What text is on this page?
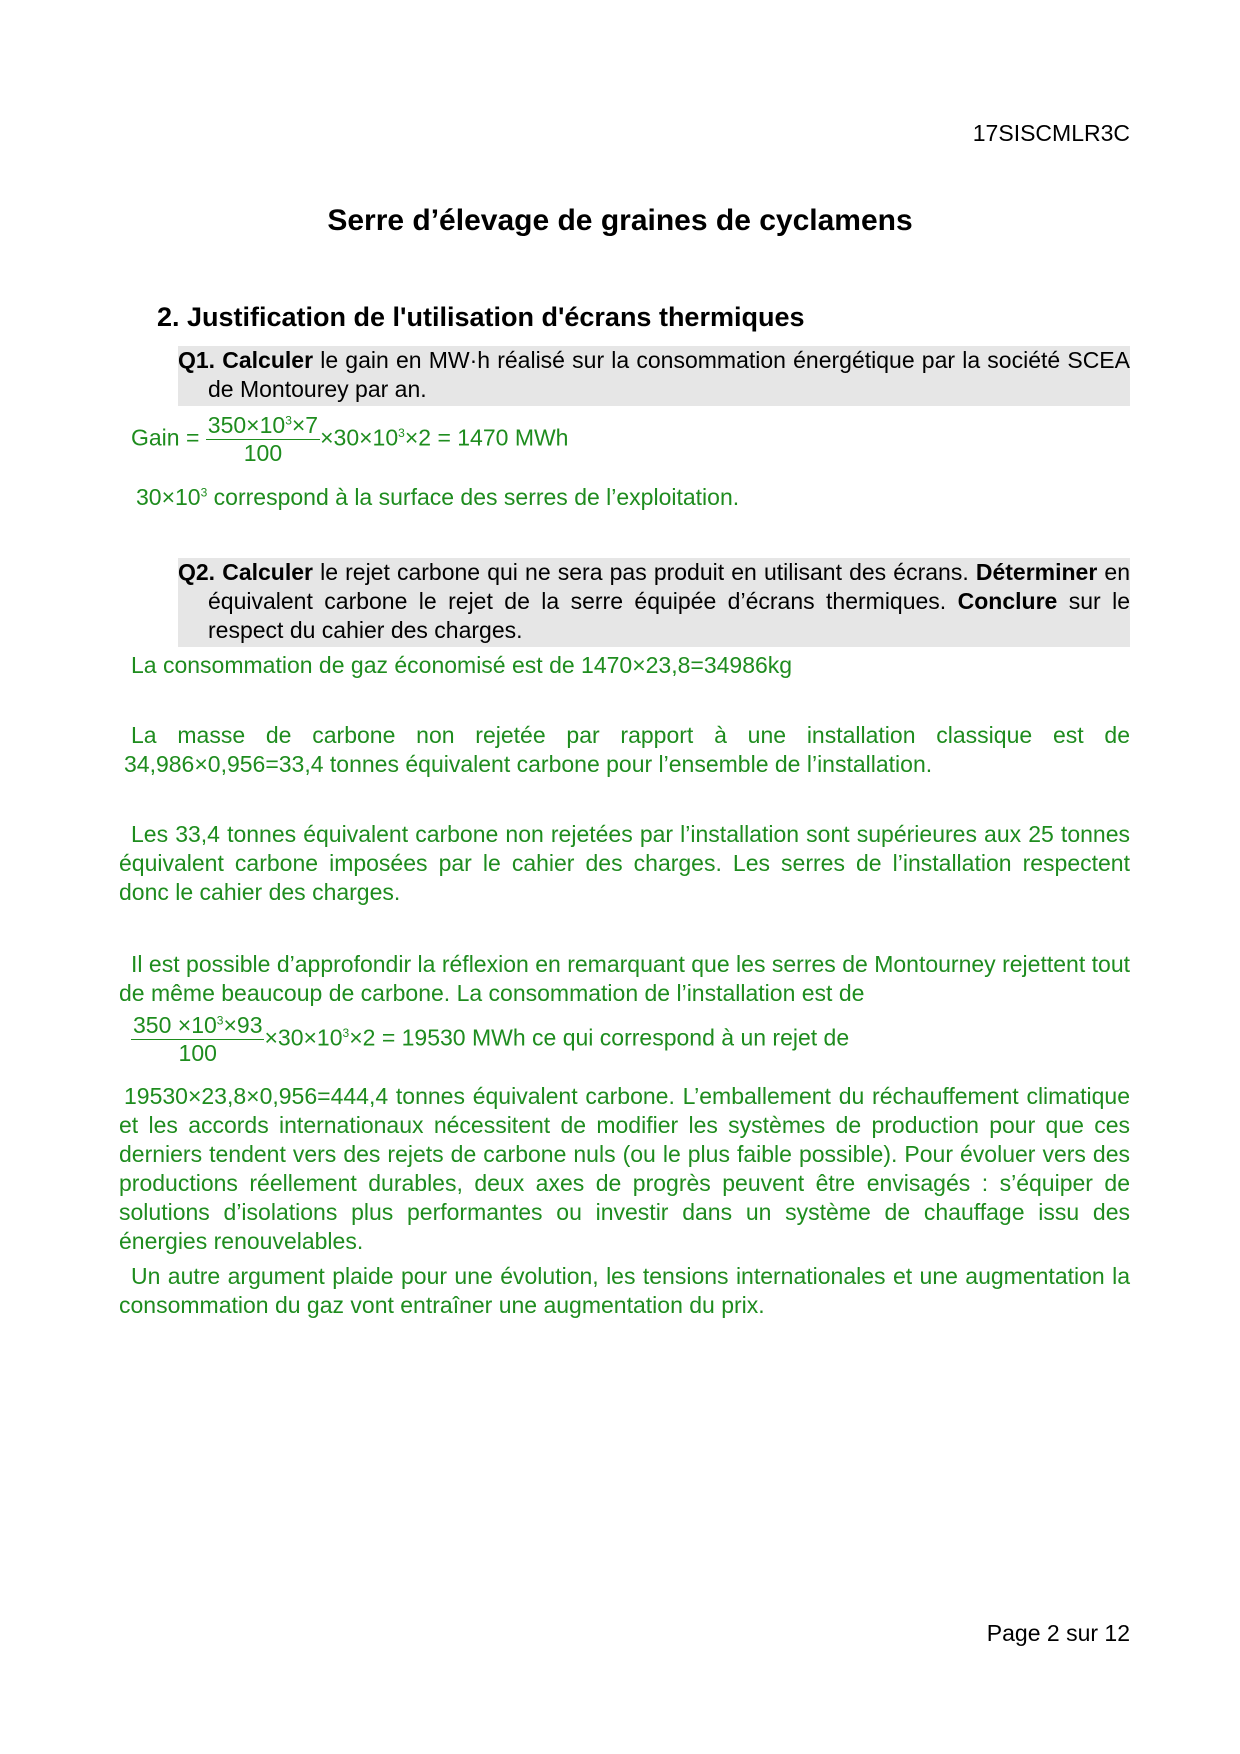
17SISCMLR3C
Serre d’élevage de graines de cyclamens
2. Justification de l'utilisation d'écrans thermiques
Q1. Calculer le gain en MW·h réalisé sur la consommation énergétique par la société SCEA de Montourey par an.
Gain = $\frac{350\times 10^3\times 7}{100} \times 30\times 10^3\times 2 = 1470$ MWh
$30\times 10^3$ correspond à la surface des serres de l’exploitation.
Q2. Calculer le rejet carbone qui ne sera pas produit en utilisant des écrans. Déterminer en équivalent carbone le rejet de la serre équipée d’écrans thermiques. Conclure sur le respect du cahier des charges.
La consommation de gaz économisé est de 1470×23,8=34986kg
La masse de carbone non rejetée par rapport à une installation classique est de 34,986×0,956=33,4 tonnes équivalent carbone pour l’ensemble de l’installation.
Les 33,4 tonnes équivalent carbone non rejetées par l’installation sont supérieures aux 25 tonnes équivalent carbone imposées par le cahier des charges. Les serres de l’installation respectent donc le cahier des charges.
Il est possible d’approfondir la réflexion en remarquant que les serres de Montourney rejettent tout de même beaucoup de carbone. La consommation de l’installation est de
$\frac{350 \times 10^3\times 93}{100} \times 30\times 10^3\times 2 = 19530$ MWh ce qui correspond à un rejet de
19530×23,8×0,956=444,4 tonnes équivalent carbone. L’emballement du réchauffement climatique et les accords internationaux nécessitent de modifier les systèmes de production pour que ces derniers tendent vers des rejets de carbone nuls (ou le plus faible possible). Pour évoluer vers des productions réellement durables, deux axes de progrès peuvent être envisagés : s’équiper de solutions d’isolations plus performantes ou investir dans un système de chauffage issu des énergies renouvelables.
Un autre argument plaide pour une évolution, les tensions internationales et une augmentation la consommation du gaz vont entraîner une augmentation du prix.
Page 2 sur 12
